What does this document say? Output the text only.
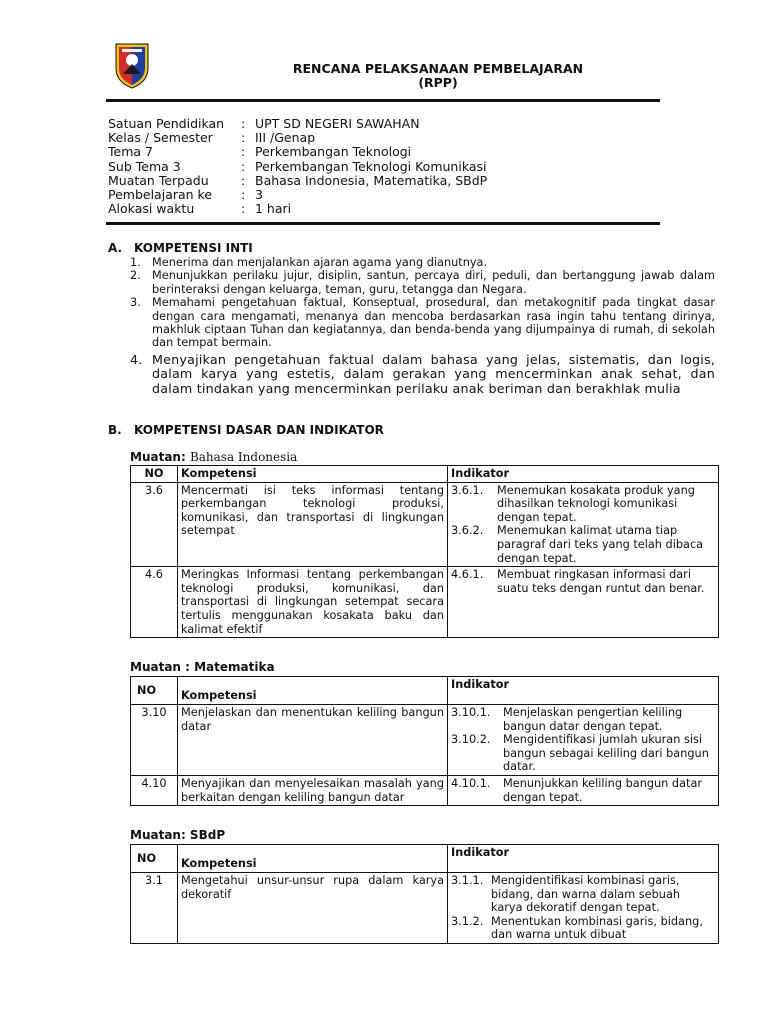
RENCANA PELAKSANAAN PEMBELAJARAN
(RPP)
Satuan Pendidikan	:	UPT SD NEGERI SAWAHAN
Kelas / Semester	:	III /Genap
Tema 7	:	Perkembangan Teknologi
Sub Tema 3	:	Perkembangan Teknologi Komunikasi
Muatan Terpadu	:	Bahasa Indonesia, Matematika, SBdP
Pembelajaran ke	:	3
Alokasi waktu	:	1 hari
A. KOMPETENSI INTI
1. Menerima dan menjalankan ajaran agama yang dianutnya.
2. Menunjukkan perilaku jujur, disiplin, santun, percaya diri, peduli, dan bertanggung jawab dalam berinteraksi dengan keluarga, teman, guru, tetangga dan Negara.
3. Memahami pengetahuan faktual, Konseptual, prosedural, dan metakognitif pada tingkat dasar dengan cara mengamati, menanya dan mencoba berdasarkan rasa ingin tahu tentang dirinya, makhluk ciptaan Tuhan dan kegiatannya, dan benda-benda yang dijumpainya di rumah, di sekolah dan tempat bermain.
4. Menyajikan pengetahuan faktual dalam bahasa yang jelas, sistematis, dan logis, dalam karya yang estetis, dalam gerakan yang mencerminkan anak sehat, dan dalam tindakan yang mencerminkan perilaku anak beriman dan berakhlak mulia
B. KOMPETENSI DASAR DAN INDIKATOR
Muatan: Bahasa Indonesia
NO	Kompetensi	Indikator
3.6	Mencermati isi teks informasi tentang perkembangan teknologi produksi, komunikasi, dan transportasi di lingkungan setempat	3.6.1. Menemukan kosakata produk yang dihasilkan teknologi komunikasi dengan tepat.
3.6.2. Menemukan kalimat utama tiap paragraf dari teks yang telah dibaca dengan tepat.

4.6	Meringkas Informasi tentang perkembangan teknologi produksi, komunikasi, dan transportasi di lingkungan setempat secara tertulis menggunakan kosakata baku dan kalimat efektif	4.6.1. Membuat ringkasan informasi dari suatu teks dengan runtut dan benar.
Muatan : Matematika
NO	Kompetensi	Indikator
3.10	Menjelaskan dan menentukan keliling bangun datar	3.10.1. Menjelaskan pengertian keliling bangun datar dengan tepat.
3.10.2. Mengidentifikasi jumlah ukuran sisi bangun sebagai keliling dari bangun datar.

4.10	Menyajikan dan menyelesaikan masalah yang berkaitan dengan keliling bangun datar	4.10.1. Menunjukkan keliling bangun datar dengan tepat.
Muatan: SBdP
NO	Kompetensi	Indikator
3.1	Mengetahui unsur-unsur rupa dalam karya dekoratif	3.1.1. Mengidentifikasi kombinasi garis, bidang, dan warna dalam sebuah karya dekoratif dengan tepat.
3.1.2. Menentukan kombinasi garis, bidang, dan warna untuk dibuat
